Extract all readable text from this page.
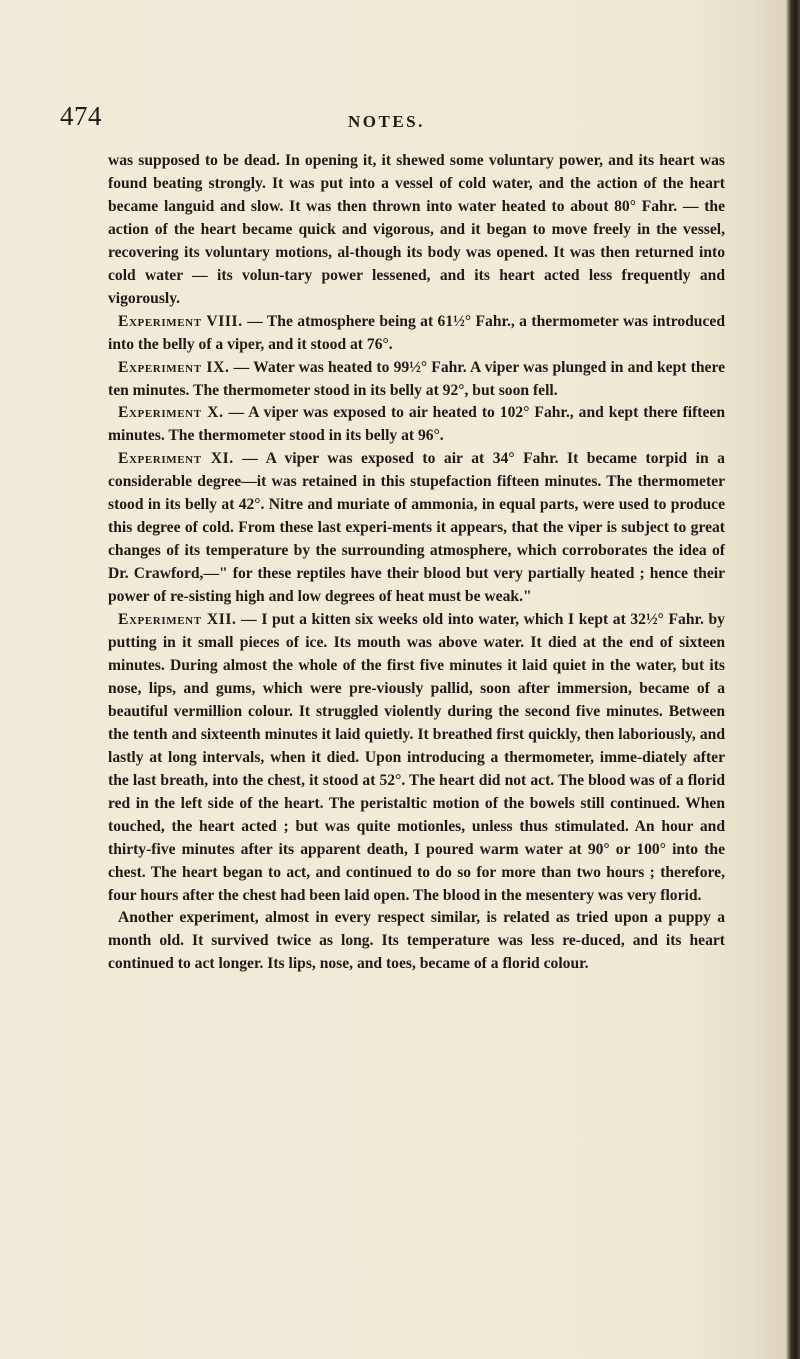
474	NOTES.

was supposed to be dead. In opening it, it shewed some voluntary power, and its heart was found beating strongly. It was put into a vessel of cold water, and the action of the heart became languid and slow. It was then thrown into water heated to about 80° Fahr. — the action of the heart became quick and vigorous, and it began to move freely in the vessel, recovering its voluntary motions, al-though its body was opened. It was then returned into cold water — its volun-tary power lessened, and its heart acted less frequently and vigorously.

Experiment VIII. — The atmosphere being at 61½° Fahr., a thermometer was introduced into the belly of a viper, and it stood at 76°.

Experiment IX. — Water was heated to 99½° Fahr. A viper was plunged in and kept there ten minutes. The thermometer stood in its belly at 92°, but soon fell.

Experiment X. — A viper was exposed to air heated to 102° Fahr., and kept there fifteen minutes. The thermometer stood in its belly at 96°.

Experiment XI. — A viper was exposed to air at 34° Fahr. It became torpid in a considerable degree—it was retained in this stupefaction fifteen minutes. The thermometer stood in its belly at 42°. Nitre and muriate of ammonia, in equal parts, were used to produce this degree of cold. From these last experi-ments it appears, that the viper is subject to great changes of its temperature by the surrounding atmosphere, which corroborates the idea of Dr. Crawford,—" for these reptiles have their blood but very partially heated ; hence their power of re-sisting high and low degrees of heat must be weak."

Experiment XII. — I put a kitten six weeks old into water, which I kept at 32½° Fahr. by putting in it small pieces of ice. Its mouth was above water. It died at the end of sixteen minutes. During almost the whole of the first five minutes it laid quiet in the water, but its nose, lips, and gums, which were pre-viously pallid, soon after immersion, became of a beautiful vermillion colour. It struggled violently during the second five minutes. Between the tenth and sixteenth minutes it laid quietly. It breathed first quickly, then laboriously, and lastly at long intervals, when it died. Upon introducing a thermometer, imme-diately after the last breath, into the chest, it stood at 52°. The heart did not act. The blood was of a florid red in the left side of the heart. The peristaltic motion of the bowels still continued. When touched, the heart acted ; but was quite motionles, unless thus stimulated. An hour and thirty-five minutes after its apparent death, I poured warm water at 90° or 100° into the chest. The heart began to act, and continued to do so for more than two hours ; therefore, four hours after the chest had been laid open. The blood in the mesentery was very florid.

Another experiment, almost in every respect similar, is related as tried upon a puppy a month old. It survived twice as long. Its temperature was less re-duced, and its heart continued to act longer. Its lips, nose, and toes, became of a florid colour.
